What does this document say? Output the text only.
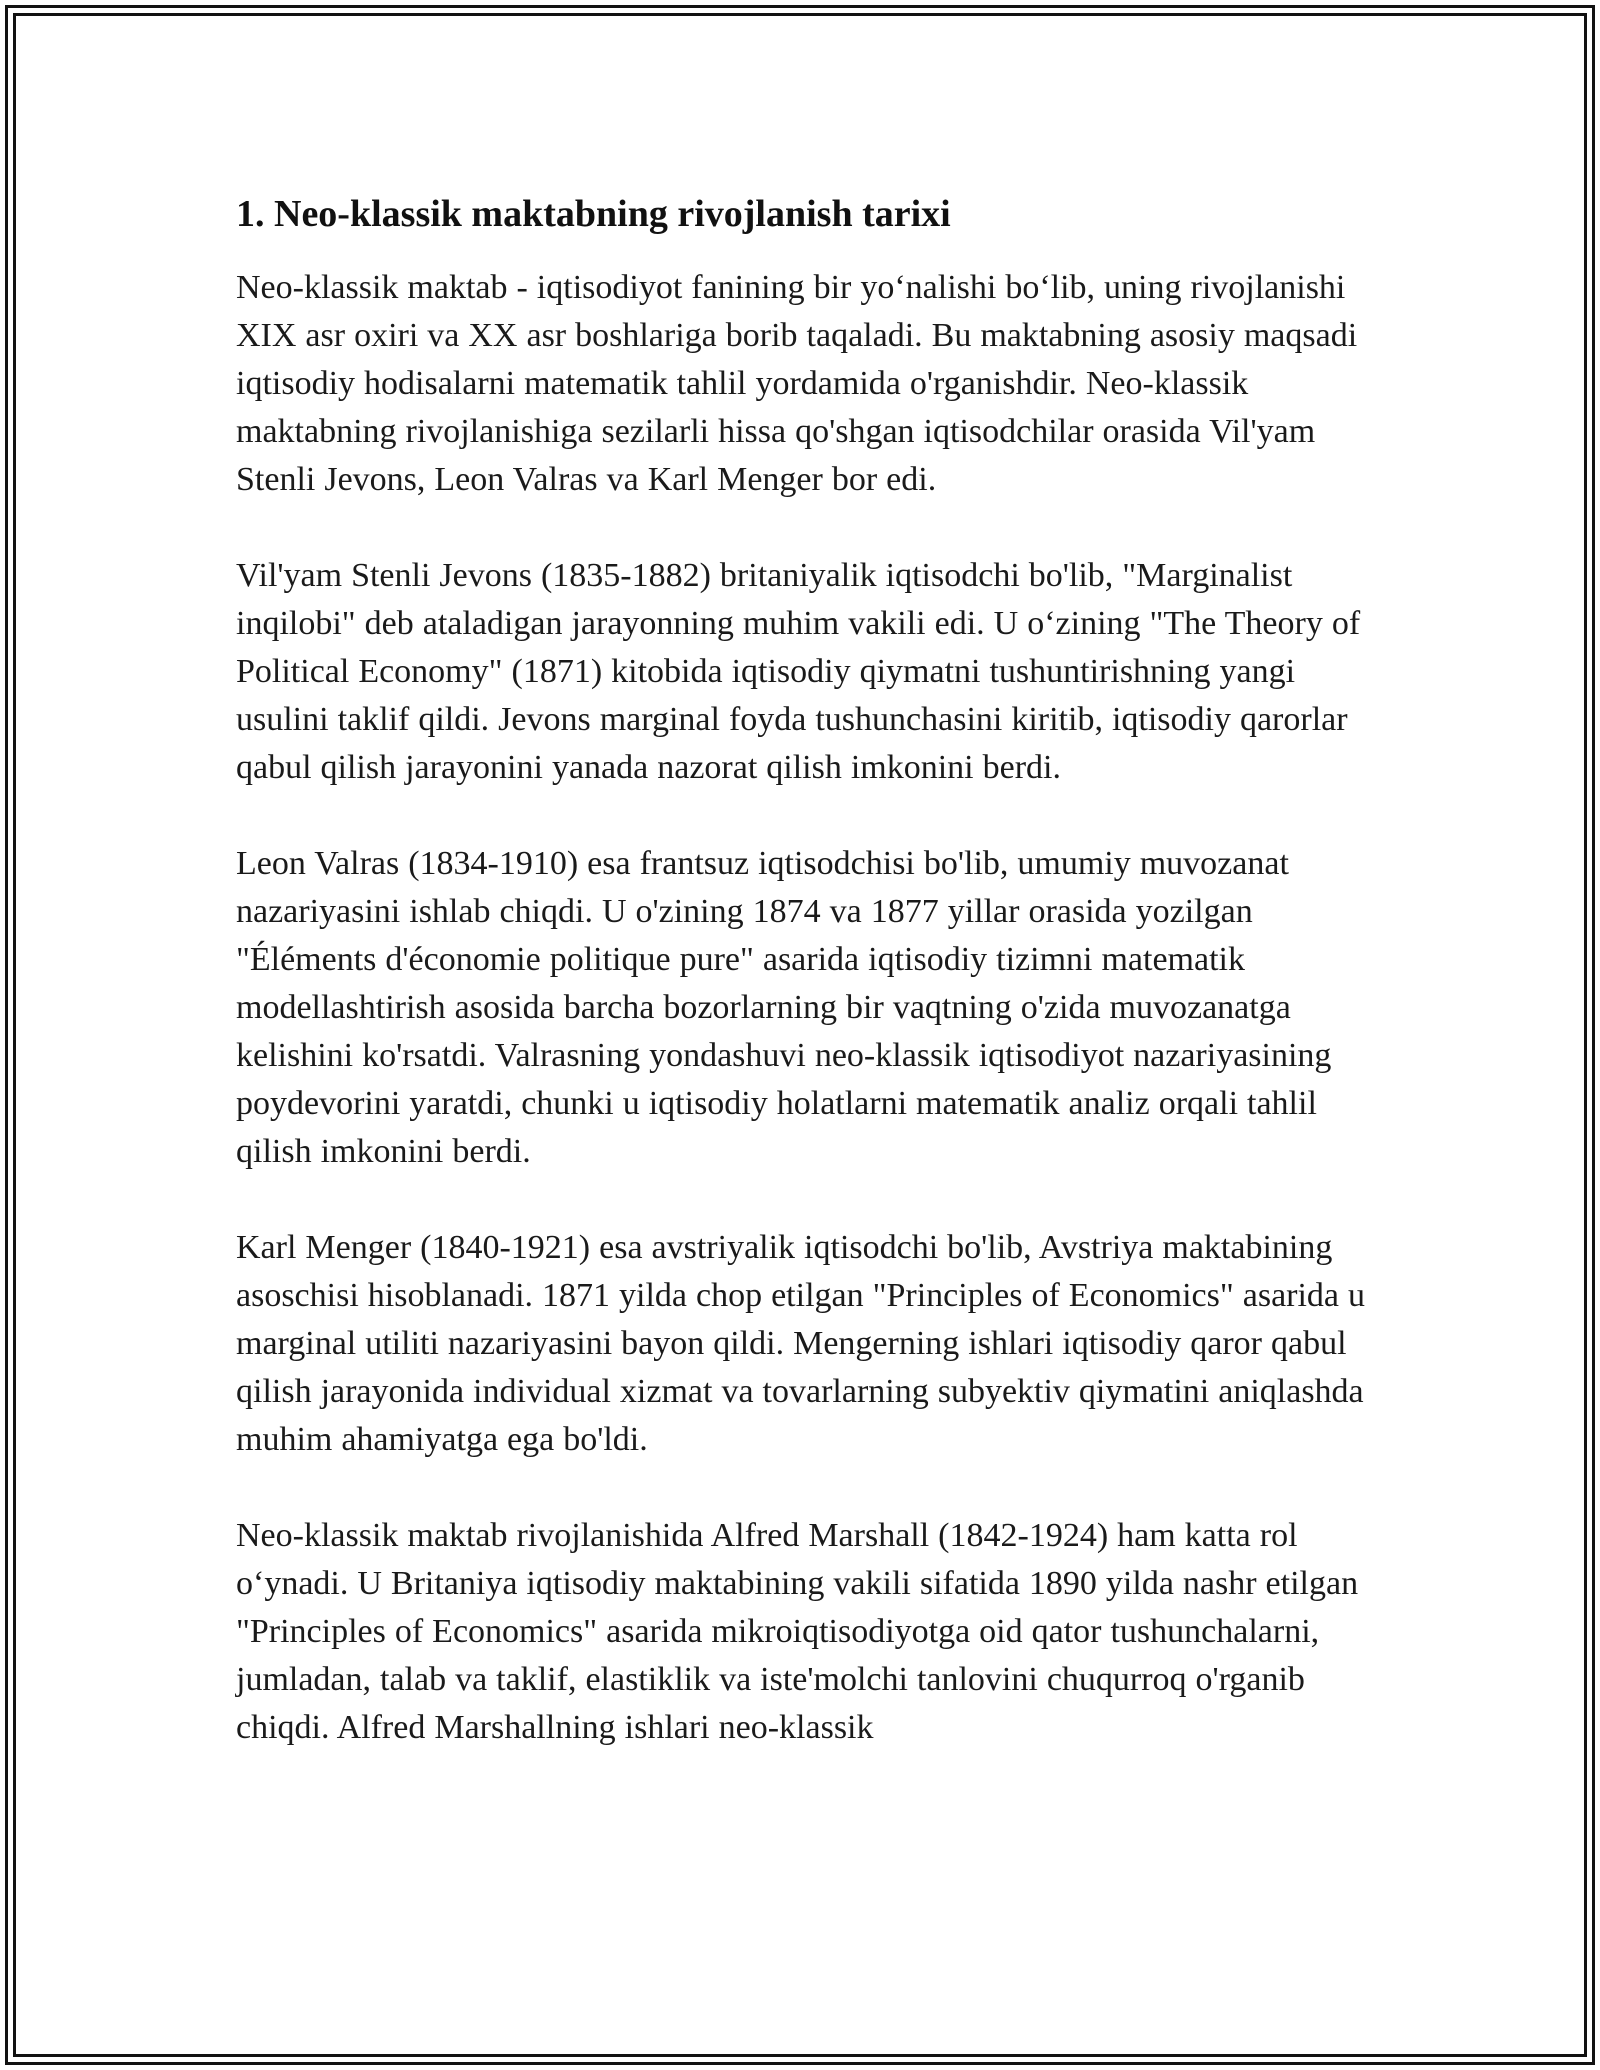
1. Neo-klassik maktabning rivojlanish tarixi

Neo-klassik maktab - iqtisodiyot fanining bir yo‘nalishi bo‘lib, uning rivojlanishi XIX asr oxiri va XX asr boshlariga borib taqaladi. Bu maktabning asosiy maqsadi iqtisodiy hodisalarni matematik tahlil yordamida o'rganishdir. Neo-klassik maktabning rivojlanishiga sezilarli hissa qo'shgan iqtisodchilar orasida Vil'yam Stenli Jevons, Leon Valras va Karl Menger bor edi.

Vil'yam Stenli Jevons (1835-1882) britaniyalik iqtisodchi bo'lib, "Marginalist inqilobi" deb ataladigan jarayonning muhim vakili edi. U o‘zining "The Theory of Political Economy" (1871) kitobida iqtisodiy qiymatni tushuntirishning yangi usulini taklif qildi. Jevons marginal foyda tushunchasini kiritib, iqtisodiy qarorlar qabul qilish jarayonini yanada nazorat qilish imkonini berdi.

Leon Valras (1834-1910) esa frantsuz iqtisodchisi bo'lib, umumiy muvozanat nazariyasini ishlab chiqdi. U o'zining 1874 va 1877 yillar orasida yozilgan "Éléments d'économie politique pure" asarida iqtisodiy tizimni matematik modellashtirish asosida barcha bozorlarning bir vaqtning o'zida muvozanatga kelishini ko'rsatdi. Valrasning yondashuvi neo-klassik iqtisodiyot nazariyasining poydevorini yaratdi, chunki u iqtisodiy holatlarni matematik analiz orqali tahlil qilish imkonini berdi.

Karl Menger (1840-1921) esa avstriyalik iqtisodchi bo'lib, Avstriya maktabining asoschisi hisoblanadi. 1871 yilda chop etilgan "Principles of Economics" asarida u marginal utiliti nazariyasini bayon qildi. Mengerning ishlari iqtisodiy qaror qabul qilish jarayonida individual xizmat va tovarlarning subyektiv qiymatini aniqlashda muhim ahamiyatga ega bo'ldi.

Neo-klassik maktab rivojlanishida Alfred Marshall (1842-1924) ham katta rol o‘ynadi. U Britaniya iqtisodiy maktabining vakili sifatida 1890 yilda nashr etilgan "Principles of Economics" asarida mikroiqtisodiyotga oid qator tushunchalarni, jumladan, talab va taklif, elastiklik va iste'molchi tanlovini chuqurroq o'rganib chiqdi. Alfred Marshallning ishlari neo-klassik
